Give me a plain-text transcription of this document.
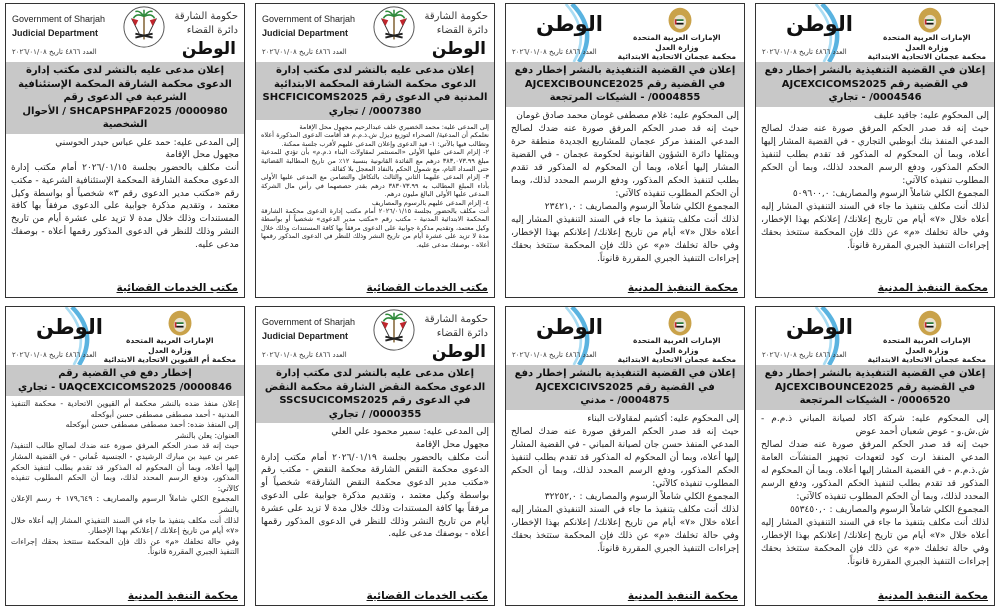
حكومة الشارقة
دائرة القضاء
Government of Sharjah
Judicial Department
الوطن
العدد ٤٨٦٦ تاريخ ٢٠٢٦/٠١/٠٨
إعلان مدعى عليه بالنشر لدى مكتب إدارة الدعوى محكمة الشارقة المحكمة الإستئنافية الشرعية في الدعوى رقم SHCAPSHPAF2025 /0000980 / الأحوال الشخصية

إلى المدعى عليه: حمد علي عباس حيدر الحوسني

مجهول محل الإقامة

أنت مكلف بالحضور بجلسة ٢٠٢٦/٠١/١٥ أمام مكتب إدارة الدعوى محكمة الشارقة المحكمة الإستئنافية الشرعية - مكتب رقم «مكتب مدير الدعوى رقم ٣» شخصياً أو بواسطة وكيل معتمد ، وتقديم مذكرة جوابية على الدعوى مرفقاً بها كافة المستندات وذلك خلال مدة لا تزيد على عشرة أيام من تاريخ النشر وذلك للنظر في الدعوى المذكور رقمها أعلاه - بوصفك مدعى عليه.

مكتب الخدمات القضائية
حكومة الشارقة
دائرة القضاء
Government of Sharjah
Judicial Department
الوطن
العدد ٤٨٦٦ تاريخ ٢٠٢٦/٠١/٠٨
إعلان مدعى عليه بالنشر لدى مكتب إدارة الدعوى محكمة الشارقة المحكمة الابتدائية المدنية في الدعوى رقم SHCFICICOMS2025 /0007380 / تجاري

إلى المدعى عليه: محمد الخضيري خلف عبدالرحيم مجهول محل الإقامة

نعلمكم أن المدعية/ الصحراء لتوزيع ديزل ش.ذ.م.م قد أقامت الدعوى المذكورة أعلاه وتطالب فيها بالآتي: ١- قيد الدعوى وإعلان المدعى عليهم لأقرب جلسة ممكنة.

٢- إلزام المدعى عليها الأولى «المستثمر لمقاولات البناء ذ.م.م» بأن تؤدي للمدعية مبلغ ٣٨٣,٠٧٣.٩٩ درهم مع الفائدة القانونية بنسبة ١٢٪ من تاريخ المطالبة القضائية حتى السداد التام، مع شمول الحكم بالنفاذ المعجل بلا كفالة.

٣- إلزام المدعى عليهما الثاني والثالث بالتكافل والتضامن مع المدعى عليها الأولى بأداء المبلغ المطالب به ٣٨٣٠٧٣.٩٩ درهم بقدر حصصهما في رأس مال الشركة المدعى عليها الأولى البالغ مليون درهم.

٤- إلزام المدعى عليهم بالرسوم والمصاريف

أنت مكلف بالحضور بجلسة ٢٠٢٦/٠١/١٥ أمام مكتب إدارة الدعوى محكمة الشارقة المحكمة الابتدائية المدنية - مكتب رقم «مكتب مدير الدعوى» شخصياً أو بواسطة وكيل معتمد، وتقديم مذكرة جوابية على الدعوى مرفقاً بها كافة المستندات وذلك خلال مدة لا تزيد على عشرة أيام من تاريخ النشر وذلك للنظر في الدعوى المذكور رقمها أعلاه - بوصفك مدعى عليه.

مكتب الخدمات القضائية
الإمارات العربية المتحدة
وزارة العدل
محكمة عجمان الاتحادية الابتدائية
الوطن
العدد ٤٨٦٦ تاريخ ٢٠٢٦/٠١/٠٨
إعلان في القضية التنفيذية بالنشر إخطار دفع في القضية رقم AJCEXCIBOUNCE2025 /0004855 - الشيكات المرتجعة

إلى المحكوم عليه: غلام مصطفى غومان محمد صادق غومان

حيث إنه قد صدر الحكم المرفق صورة عنه ضدك لصالح المدعي المنفذ مركز عجمان للمشاريع الجديدة منطقة حرة ويمثلها دائرة الشؤون القانونية لحكومة عجمان - في القضية المشار إليها أعلاه، وبما أن المحكوم له المذكور قد تقدم بطلب لتنفيذ الحكم المذكور، ودفع الرسم المحدد لذلك، وبما أن الحكم المطلوب تنفيذه كالآتي:

المجموع الكلي شاملاً الرسوم والمصاريف : ٢٣٤٢١,٠

لذلك أنت مكلف بتنفيذ ما جاء في السند التنفيذي المشار إليه أعلاه خلال «٧» أيام من تاريخ إعلانك/ إعلانكم بهذا الإخطار، وفي حالة تخلفك «م» عن ذلك فإن المحكمة ستتخذ بحقك إجراءات التنفيذ الجبري المقررة قانوناً.

محكمة التنفيذ المدنية
الإمارات العربية المتحدة
وزارة العدل
محكمة عجمان الاتحادية الابتدائية
الوطن
العدد ٤٨٦٦ تاريخ ٢٠٢٦/٠١/٠٨
إعلان في القضية التنفيذية بالنشر إخطار دفع في القضية رقم AJCEXCICOMS2025 /0004546 - تجاري

إلى المحكوم عليه: جاقيد عليف

حيث إنه قد صدر الحكم المرفق صورة عنه ضدك لصالح المدعي المنفذ بنك أبوظبي التجاري - في القضية المشار إليها أعلاه، وبما أن المحكوم له المذكور قد تقدم بطلب لتنفيذ الحكم المذكور، ودفع الرسم المحدد لذلك، وبما أن الحكم المطلوب تنفيذه كالآتي:

المجموع الكلي شاملاً الرسوم والمصاريف: ٥٠٩٦٠٠,٠

لذلك أنت مكلف بتنفيذ ما جاء في السند التنفيذي المشار إليه أعلاه خلال «٧» أيام من تاريخ إعلانك/ إعلانكم بهذا الإخطار، وفي حالة تخلفك «م» عن ذلك فإن المحكمة ستتخذ بحقك إجراءات التنفيذ الجبري المقررة قانوناً.

محكمة التنفيذ المدنية
الإمارات العربية المتحدة
وزارة العدل
محكمة أم القيوين الاتحادية الابتدائية
الوطن
العدد ٤٨٦٦ تاريخ ٢٠٢٦/٠١/٠٨
إخطار دفع في القضية رقم UAQCEXCICOMS2025 /0000846 - تجاري

إعلان منفذ ضده بالنشر محكمة أم القيوين الاتحادية - محكمة التنفيذ المدنية - أحمد مصطفى مصطفى حسن أبوكحله

إلى المنفذ ضده: أحمد مصطفى مصطفى حسن أبوكحله

العنوان: يعلن بالنشر

حيث إنه قد صدر الحكم المرفق صورة عنه ضدك لصالح طالب التنفيذ/ عمر بن عبيد بن مبارك الرشيدي - الجنسية عُماني - في القضية المشار إليها أعلاه، وبما أن المحكوم له المذكور قد تقدم بطلب لتنفيذ الحكم المذكور، ودفع الرسم المحدد لذلك، وبما أن الحكم المطلوب تنفيذه كالآتي:

المجموع الكلي شاملاً الرسوم والمصاريف : ١٧٩,٦٤٩ + رسم الإعلان بالنشر

لذلك أنت مكلف بتنفيذ ما جاء في السند التنفيذي المشار إليه أعلاه خلال «٧» أيام من تاريخ إعلانك / إعلانكم بهذا الإخطار.

وفي حالة تخلفك «م» عن ذلك فإن المحكمة ستتخذ بحقك إجراءات التنفيذ الجبري المقررة قانوناً.

محكمة التنفيذ المدنية
حكومة الشارقة
دائرة القضاء
Government of Sharjah
Judicial Department
الوطن
العدد ٤٨٦٦ تاريخ ٢٠٢٦/٠١/٠٨
إعلان مدعى عليه بالنشر لدى مكتب إدارة الدعوى محكمة النقض الشارقة محكمة النقض في الدعوى رقم SSCSUCICOMS2025 /0000355 / تجاري

إلى المدعى عليه: سمير محمود علي العلي

مجهول محل الإقامة

أنت مكلف بالحضور بجلسة ٢٠٢٦/٠١/١٩ أمام مكتب إدارة الدعوى محكمة النقض الشارقة محكمة النقض - مكتب رقم «مكتب مدير الدعوى محكمة النقض الشارقة» شخصياً أو بواسطة وكيل معتمد ، وتقديم مذكرة جوابية على الدعوى مرفقاً بها كافة المستندات وذلك خلال مدة لا تزيد على عشرة أيام من تاريخ النشر وذلك للنظر في الدعوى المذكور رقمها أعلاه - بوصفك مدعى عليه.

مكتب الخدمات القضائية
الإمارات العربية المتحدة
وزارة العدل
محكمة عجمان الاتحادية الابتدائية
الوطن
العدد ٤٨٦٦ تاريخ ٢٠٢٦/٠١/٠٨
إعلان في القضية التنفيذية بالنشر إخطار دفع في القضية رقم AJCEXCICIVS2025 /0004875 - مدني

إلى المحكوم عليه: أكشيم لمقاولات البناء

حيث إنه قد صدر الحكم المرفق صورة عنه ضدك لصالح المدعي المنفذ حسن جان لصيانة المباني - في القضية المشار إليها أعلاه، وبما أن المحكوم له المذكور قد تقدم بطلب لتنفيذ الحكم المذكور، ودفع الرسم المحدد لذلك، وبما أن الحكم المطلوب تنفيذه كالآتي:

المجموع الكلي شاملاً الرسوم والمصاريف : ٣٢٢٥٢,٠

لذلك أنت مكلف بتنفيذ ما جاء في السند التنفيذي المشار إليه أعلاه خلال «٧» أيام من تاريخ إعلانك/ إعلانكم بهذا الإخطار، وفي حالة تخلفك «م» عن ذلك فإن المحكمة ستتخذ بحقك إجراءات التنفيذ الجبري المقررة قانوناً.

محكمة التنفيذ المدنية
الإمارات العربية المتحدة
وزارة العدل
محكمة عجمان الاتحادية الابتدائية
الوطن
العدد ٤٨٦٦ تاريخ ٢٠٢٦/٠١/٠٨
إعلان في القضية التنفيذية بالنشر إخطار دفع في القضية رقم AJCEXCIBOUNCE2025 /0006520 - الشيكات المرتجعة

إلى المحكوم عليه: شركة اكاد لصيانة المباني ذ.م.م - ش.ش.و - عوض شعبان أحمد عوض

حيث إنه قد صدر الحكم المرفق صورة عنه ضدك لصالح المدعي المنفذ ارت كود لتعهدات تجهيز المنشآت العامة ش.ذ.م.م - في القضية المشار إليها أعلاه. وبما أن المحكوم له المذكور قد تقدم بطلب لتنفيذ الحكم المذكور، ودفع الرسم المحدد لذلك، وبما أن الحكم المطلوب تنفيذه كالآتي:

المجموع الكلي شاملاً الرسوم والمصاريف : ٥٥٣٤٥٠,٠

لذلك أنت مكلف بتنفيذ ما جاء في السند التنفيذي المشار إليه أعلاه خلال «٧» أيام من تاريخ إعلانك/ إعلانكم بهذا الإخطار، وفي حالة تخلفك «م» عن ذلك فإن المحكمة ستتخذ بحقك إجراءات التنفيذ الجبري المقررة قانوناً.

محكمة التنفيذ المدنية
